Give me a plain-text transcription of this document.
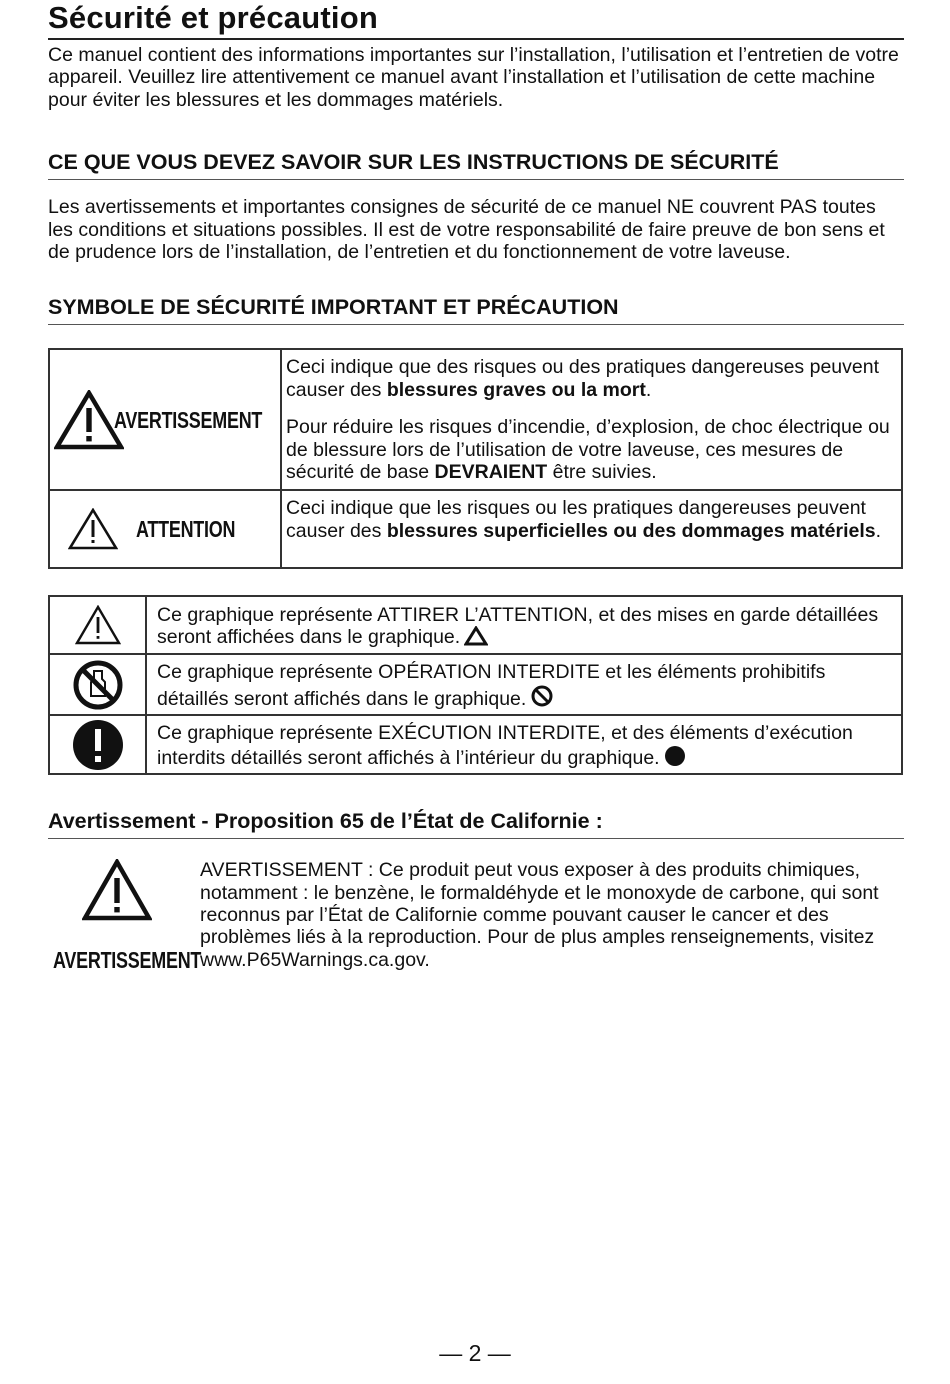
Sécurité et précaution

Ce manuel contient des informations importantes sur l’installation, l’utilisation et l’entretien de votre appareil. Veuillez lire attentivement ce manuel avant l’installation et l’utilisation de cette machine pour éviter les blessures et les dommages matériels.

CE QUE VOUS DEVEZ SAVOIR SUR LES INSTRUCTIONS DE SÉCURITÉ

Les avertissements et importantes consignes de sécurité de ce manuel NE couvrent PAS toutes les conditions et situations possibles. Il est de votre responsabilité de faire preuve de bon sens et de prudence lors de l’installation, de l’entretien et du fonctionnement de votre laveuse.

SYMBOLE DE SÉCURITÉ IMPORTANT ET PRÉCAUTION
AVERTISSEMENT	Ceci indique que des risques ou des pratiques dangereuses peuvent causer des blessures graves ou la mort.
Pour réduire les risques d’incendie, d’explosion, de choc électrique ou de blessure lors de l’utilisation de votre laveuse, ces mesures de sécurité de base DEVRAIENT être suivies.

ATTENTION	Ceci indique que les risques ou les pratiques dangereuses peuvent causer des blessures superficielles ou des dommages matériels.
	Ce graphique représente ATTIRER L’ATTENTION, et des mises en garde détaillées seront affichées dans le graphique.

	Ce graphique représente OPÉRATION INTERDITE et les éléments prohibitifs détaillés seront affichés dans le graphique.

	Ce graphique représente EXÉCUTION INTERDITE, et des éléments d’exécution interdits détaillés seront affichés à l’intérieur du graphique.
Avertissement - Proposition 65 de l’État de Californie :
AVERTISSEMENT

AVERTISSEMENT : Ce produit peut vous exposer à des produits chimiques, notamment : le benzène, le formaldéhyde et le monoxyde de carbone, qui sont reconnus par l’État de Californie comme pouvant causer le cancer et des problèmes liés à la reproduction. Pour de plus amples renseignements, visitez www.P65Warnings.ca.gov.

— 2 —
